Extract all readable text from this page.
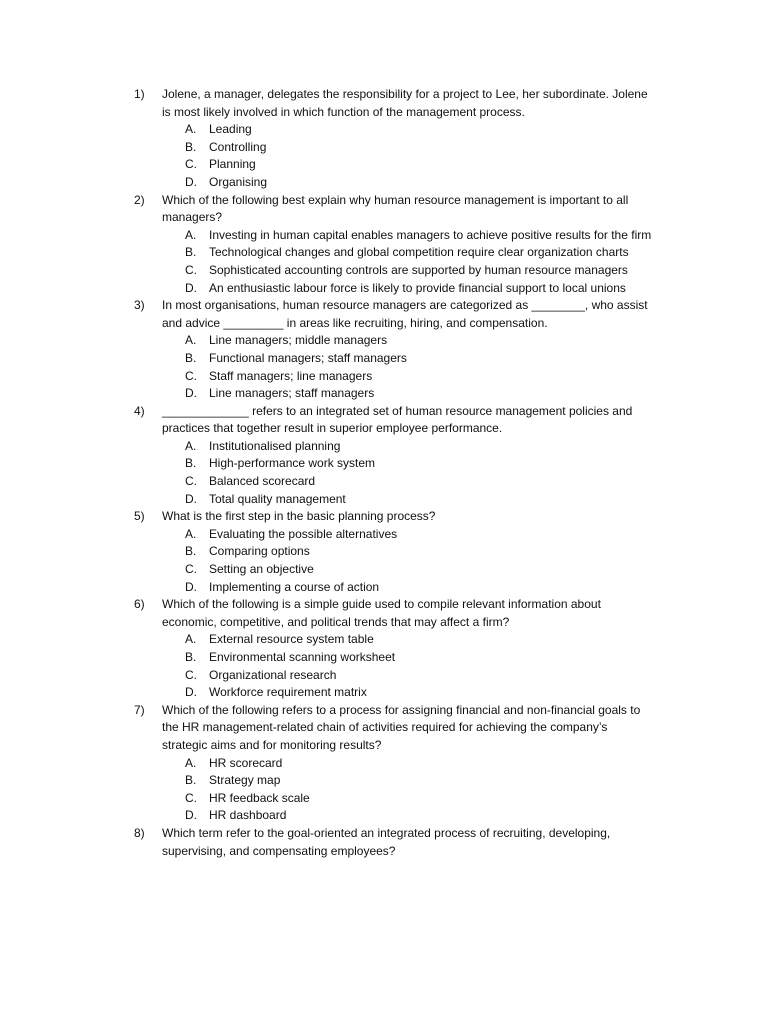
1)	Jolene, a manager, delegates the responsibility for a project to Lee, her subordinate. Jolene is most likely involved in which function of the management process.
A.	Leading
B.	Controlling
C.	Planning
D.	Organising
2)	Which of the following best explain why human resource management is important to all managers?
A.	Investing in human capital enables managers to achieve positive results for the firm
B.	Technological changes and global competition require clear organization charts
C.	Sophisticated accounting controls are supported by human resource managers
D.	An enthusiastic labour force is likely to provide financial support to local unions
3)	In most organisations, human resource managers are categorized as ________, who assist and advice _________ in areas like recruiting, hiring, and compensation.
A.	Line managers; middle managers
B.	Functional managers; staff managers
C.	Staff managers; line managers
D.	Line managers; staff managers
4)	_____________ refers to an integrated set of human resource management policies and practices that together result in superior employee performance.
A.	Institutionalised planning
B.	High-performance work system
C.	Balanced scorecard
D.	Total quality management
5)	What is the first step in the basic planning process?
A.	Evaluating the possible alternatives
B.	Comparing options
C.	Setting an objective
D.	Implementing a course of action
6)	Which of the following is a simple guide used to compile relevant information about economic, competitive, and political trends that may affect a firm?
A.	External resource system table
B.	Environmental scanning worksheet
C.	Organizational research
D.	Workforce requirement matrix
7)	Which of the following refers to a process for assigning financial and non-financial goals to the HR management-related chain of activities required for achieving the company’s strategic aims and for monitoring results?
A.	HR scorecard
B.	Strategy map
C.	HR feedback scale
D.	HR dashboard
8)	Which term refer to the goal-oriented an integrated process of recruiting, developing, supervising, and compensating employees?
